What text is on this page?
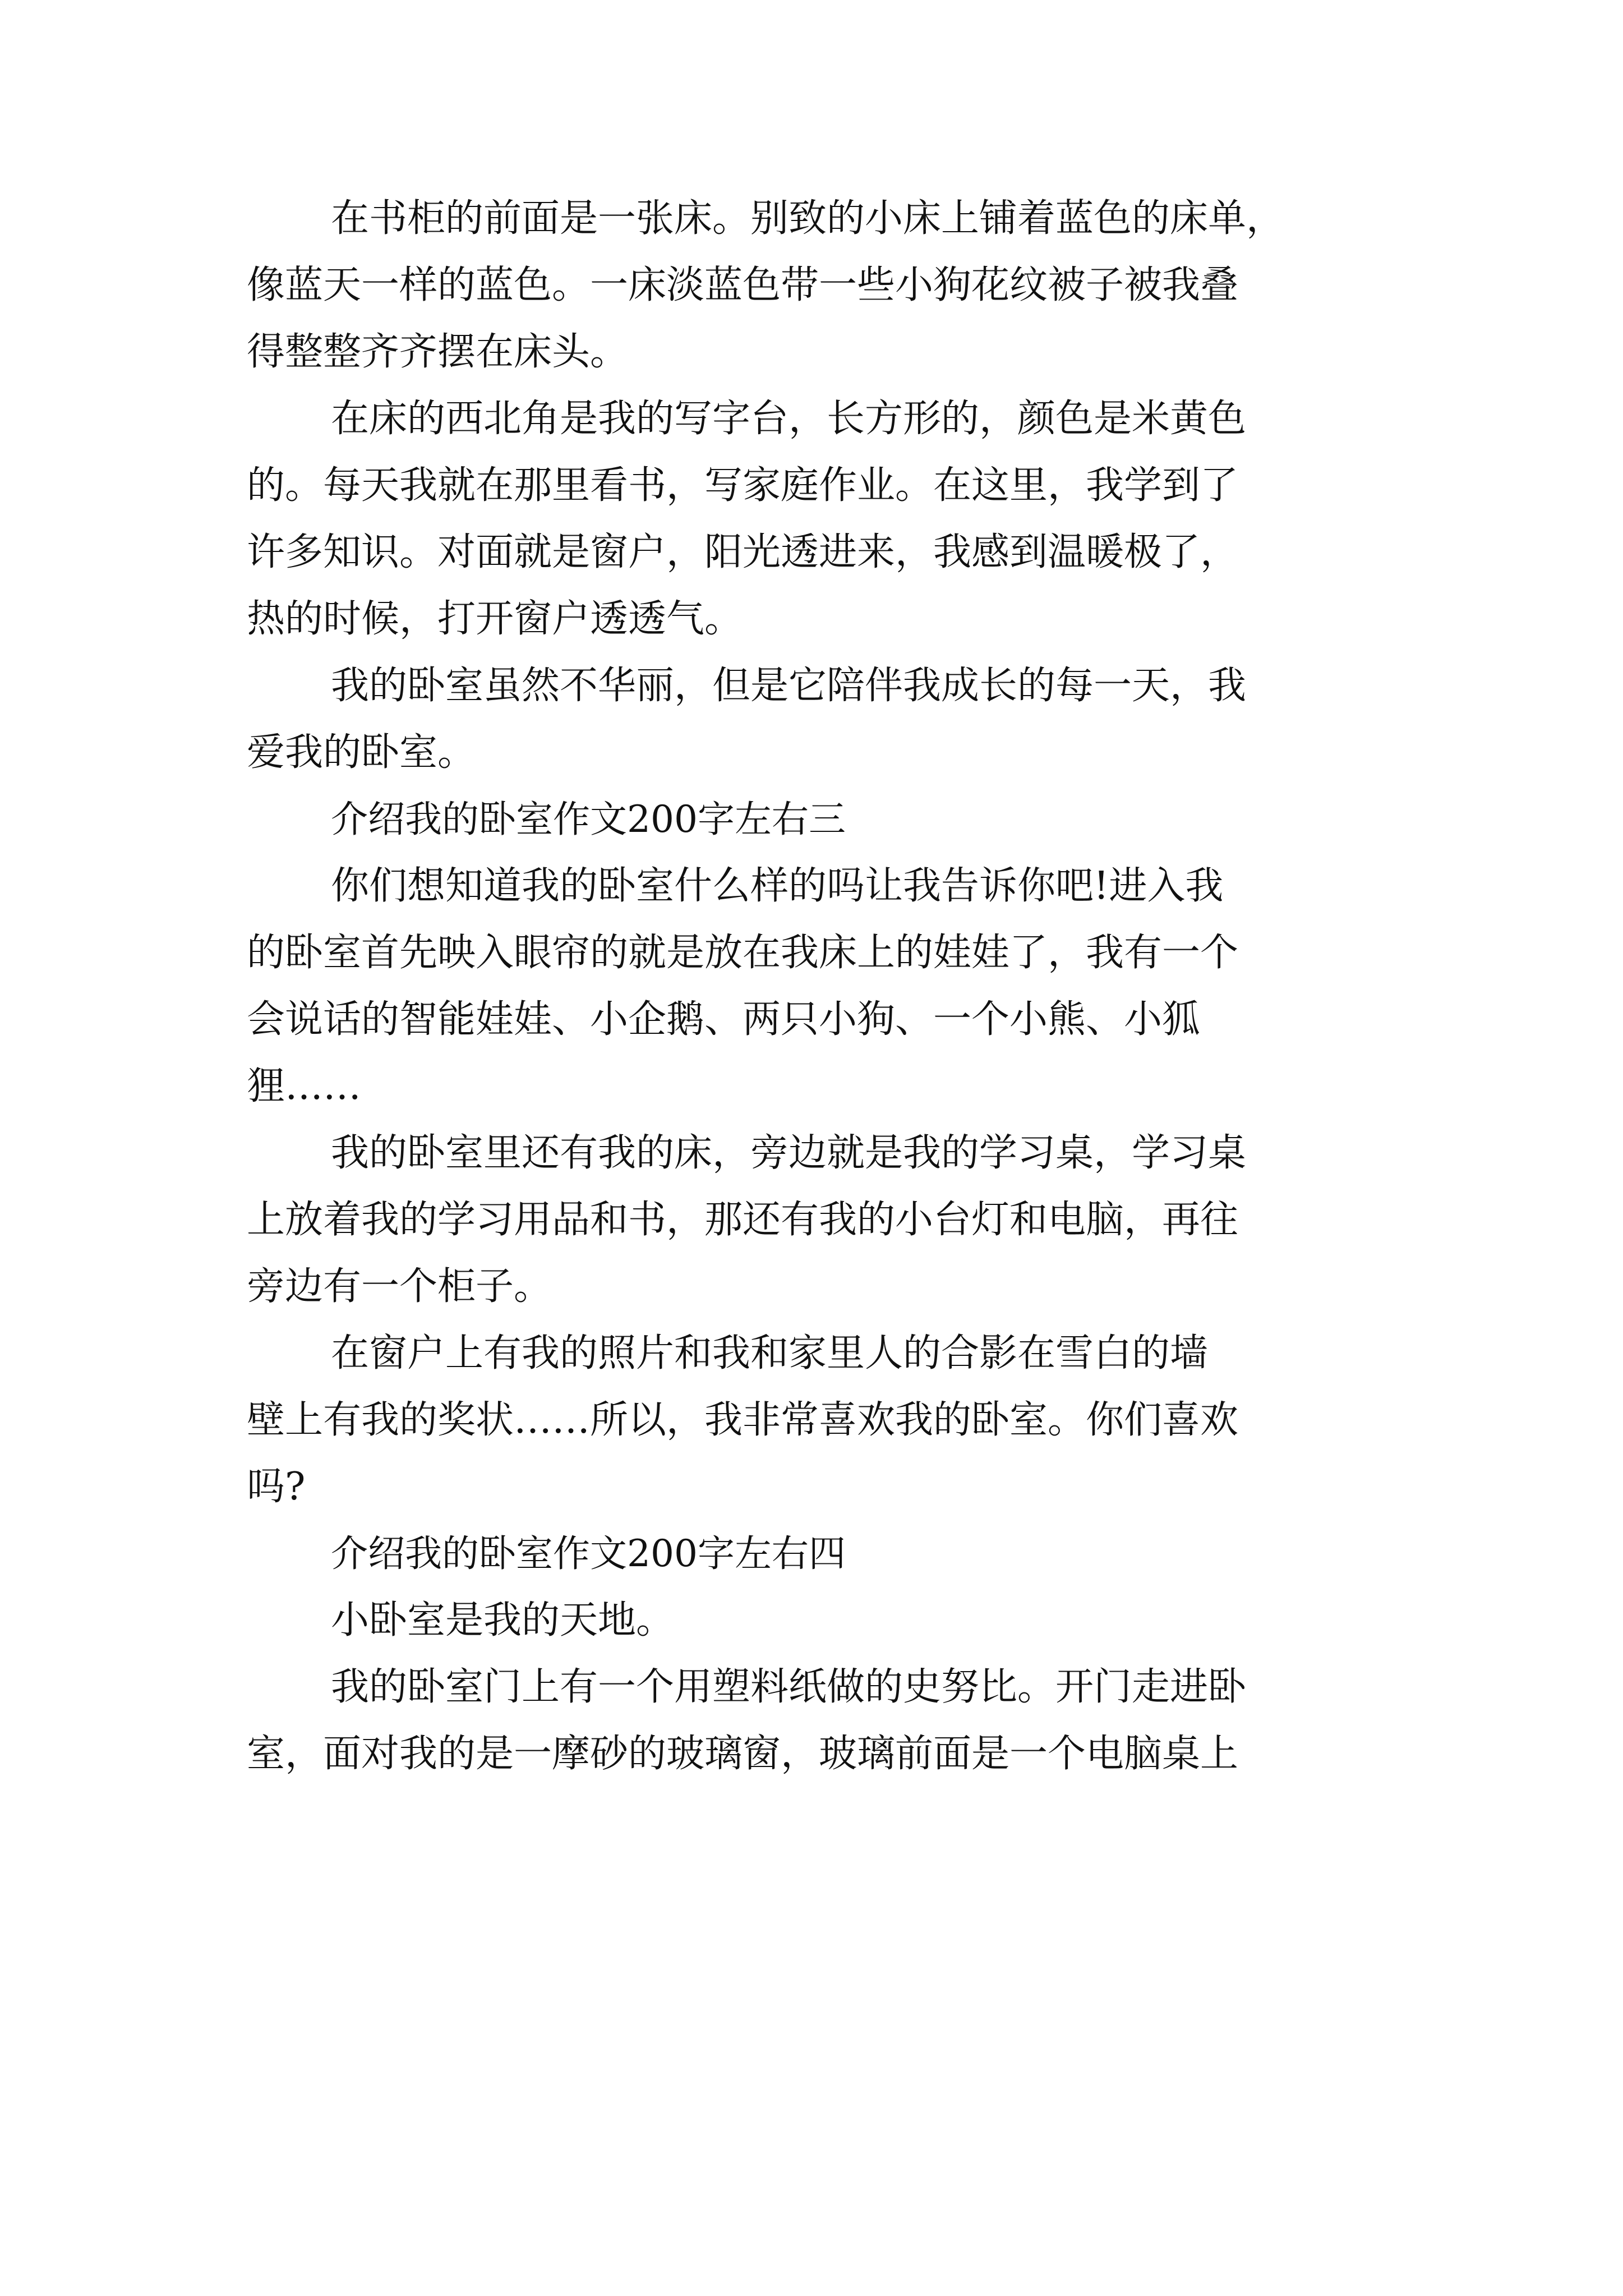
在书柜的前面是一张床。别致的小床上铺着蓝色的床单，
像蓝天一样的蓝色。一床淡蓝色带一些小狗花纹被子被我叠
得整整齐齐摆在床头。
在床的西北角是我的写字台，长方形的，颜色是米黄色
的。每天我就在那里看书，写家庭作业。在这里，我学到了
许多知识。对面就是窗户，阳光透进来，我感到温暖极了，
热的时候，打开窗户透透气。
我的卧室虽然不华丽，但是它陪伴我成长的每一天，我
爱我的卧室。
介绍我的卧室作文200字左右三
你们想知道我的卧室什么样的吗让我告诉你吧!进入我
的卧室首先映入眼帘的就是放在我床上的娃娃了，我有一个
会说话的智能娃娃、小企鹅、两只小狗、一个小熊、小狐
狸……
我的卧室里还有我的床，旁边就是我的学习桌，学习桌
上放着我的学习用品和书，那还有我的小台灯和电脑，再往
旁边有一个柜子。
在窗户上有我的照片和我和家里人的合影在雪白的墙
壁上有我的奖状……所以，我非常喜欢我的卧室。你们喜欢
吗?
介绍我的卧室作文200字左右四
小卧室是我的天地。
我的卧室门上有一个用塑料纸做的史努比。开门走进卧
室，面对我的是一摩砂的玻璃窗，玻璃前面是一个电脑桌上
